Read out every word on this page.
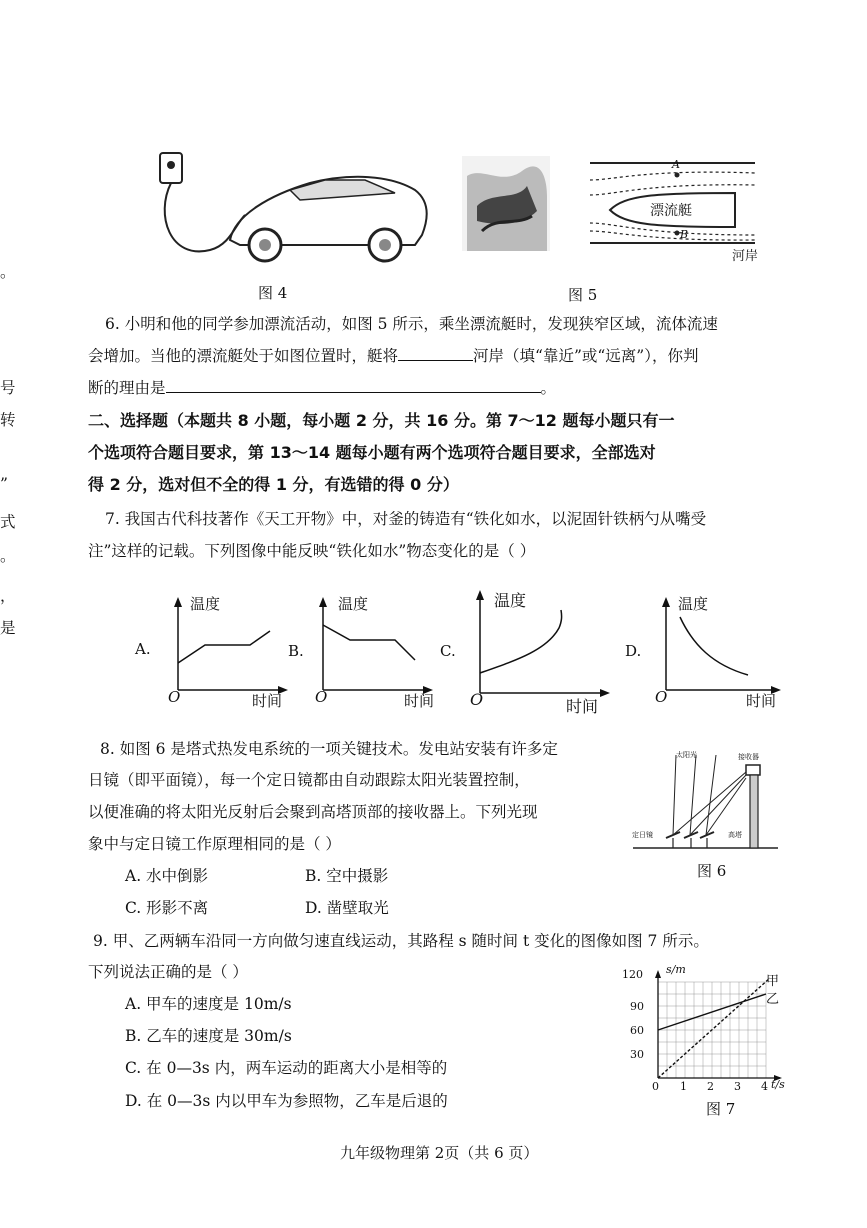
。
号
转
”
式
。
，
是
图 4
A
B
漂流艇
河岸
图 5
6. 小明和他的同学参加漂流活动，如图 5 所示，乘坐漂流艇时，发现狭窄区域，流体流速
会增加。当他的漂流艇处于如图位置时，艇将	河岸（填“靠近”或“远离”），你判
断的理由是	。
二、选择题（本题共 8 小题，每小题 2 分，共 16 分。第 7～12 题每小题只有一
个选项符合题目要求，第 13～14 题每小题有两个选项符合题目要求，全部选对
得 2 分，选对但不全的得 1 分，有选错的得 0 分）
7. 我国古代科技著作《天工开物》中，对釜的铸造有“铁化如水，以泥固针铁柄勺从嘴受
注”这样的记载。下列图像中能反映“铁化如水”物态变化的是（ ）
A.
温度
O	时间
B.
温度
O	时间
C.
温度
O	时间
D.
温度
O	时间
8. 如图 6 是塔式热发电系统的一项关键技术。发电站安装有许多定
日镜（即平面镜），每一个定日镜都由自动跟踪太阳光装置控制，
以便准确的将太阳光反射后会聚到高塔顶部的接收器上。下列光现
象中与定日镜工作原理相同的是（ ）
A. 水中倒影	B. 空中摄影
C. 形影不离	D. 凿壁取光
太阳光	接收器
定日镜	高塔
图 6
9. 甲、乙两辆车沿同一方向做匀速直线运动，其路程 s 随时间 t 变化的图像如图 7 所示。
下列说法正确的是（ ）
A. 甲车的速度是 10m/s
B. 乙车的速度是 30m/s
C. 在 0—3s 内，两车运动的距离大小是相等的
D. 在 0—3s 内以甲车为参照物，乙车是后退的
s/m
120
90
60
30
0 1 2 3 4 t/s
甲
乙
图 7
九年级物理第 2页（共 6 页）
